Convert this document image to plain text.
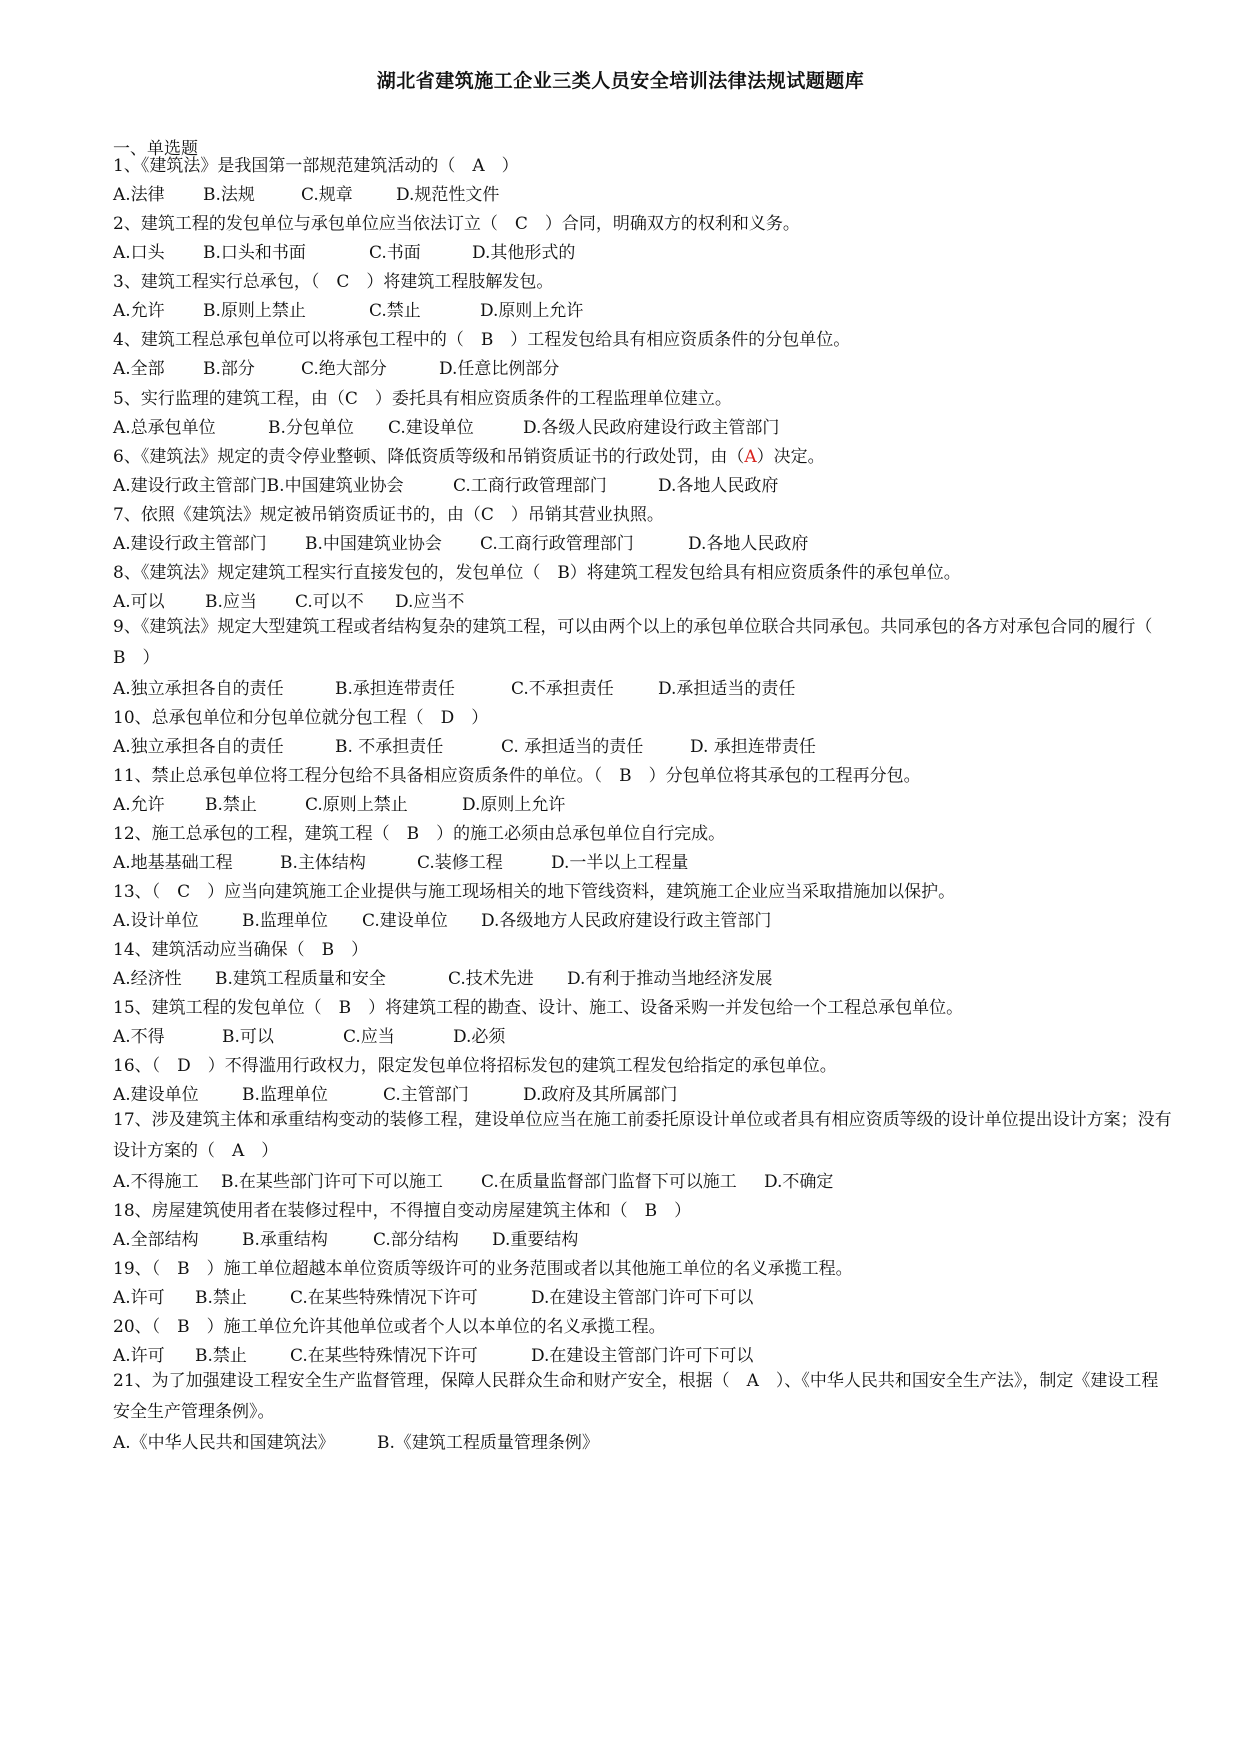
湖北省建筑施工企业三类人员安全培训法律法规试题题库
一、单选题
1、《建筑法》是我国第一部规范建筑活动的（　A　）
A.法律 B.法规	C.规章	D.规范性文件
2、建筑工程的发包单位与承包单位应当依法订立（　C　）合同，明确双方的权利和义务。
A.口头 B.口头和书面	C.书面	D.其他形式的
3、建筑工程实行总承包，（　C　）将建筑工程肢解发包。
A.允许 B.原则上禁止	C.禁止	D.原则上允许
4、建筑工程总承包单位可以将承包工程中的（　B　）工程发包给具有相应资质条件的分包单位。
A.全部 B.部分	C.绝大部分	D.任意比例部分
5、实行监理的建筑工程，由（C　）委托具有相应资质条件的工程监理单位建立。
A.总承包单位	B.分包单位 C.建设单位	D.各级人民政府建设行政主管部门
6、《建筑法》规定的责令停业整顿、降低资质等级和吊销资质证书的行政处罚，由（A）决定。
A.建设行政主管部门B.中国建筑业协会	C.工商行政管理部门	D.各地人民政府
7、依照《建筑法》规定被吊销资质证书的，由（C　）吊销其营业执照。
A.建设行政主管部门 B.中国建筑业协会 C.工商行政管理部门	D.各地人民政府
8、《建筑法》规定建筑工程实行直接发包的，发包单位（　B）将建筑工程发包给具有相应资质条件的承包单位。
A.可以 B.应当 C.可以不 D.应当不
9、《建筑法》规定大型建筑工程或者结构复杂的建筑工程，可以由两个以上的承包单位联合共同承包。共同承包的各方对承包合同的履行（　B　）
A.独立承担各自的责任	B.承担连带责任	C.不承担责任	D.承担适当的责任
10、总承包单位和分包单位就分包工程（　D　）
A.独立承担各自的责任	B. 不承担责任	C. 承担适当的责任	D. 承担连带责任
11、禁止总承包单位将工程分包给不具备相应资质条件的单位。（　B　）分包单位将其承包的工程再分包。
A.允许 B.禁止	C.原则上禁止	D.原则上允许
12、施工总承包的工程，建筑工程（　B　）的施工必须由总承包单位自行完成。
A.地基基础工程	B.主体结构	C.装修工程	D.一半以上工程量
13、（　C　）应当向建筑施工企业提供与施工现场相关的地下管线资料，建筑施工企业应当采取措施加以保护。
A.设计单位	B.监理单位 C.建设单位 D.各级地方人民政府建设行政主管部门
14、建筑活动应当确保（　B　）
A.经济性 B.建筑工程质量和安全	C.技术先进 D.有利于推动当地经济发展
15、建筑工程的发包单位（　B　）将建筑工程的勘查、设计、施工、设备采购一并发包给一个工程总承包单位。
A.不得	B.可以	C.应当	D.必须
16、（　D　）不得滥用行政权力，限定发包单位将招标发包的建筑工程发包给指定的承包单位。
A.建设单位	B.监理单位	C.主管部门	D.政府及其所属部门
17、涉及建筑主体和承重结构变动的装修工程，建设单位应当在施工前委托原设计单位或者具有相应资质等级的设计单位提出设计方案；没有设计方案的（　A　）
A.不得施工 B.在某些部门许可下可以施工 C.在质量监督部门监督下可以施工 D.不确定
18、房屋建筑使用者在装修过程中，不得擅自变动房屋建筑主体和（　B　）
A.全部结构	B.承重结构	C.部分结构 D.重要结构
19、（　B　）施工单位超越本单位资质等级许可的业务范围或者以其他施工单位的名义承揽工程。
A.许可 B.禁止	C.在某些特殊情况下许可	D.在建设主管部门许可下可以
20、（　B　）施工单位允许其他单位或者个人以本单位的名义承揽工程。
A.许可 B.禁止	C.在某些特殊情况下许可	D.在建设主管部门许可下可以
21、为了加强建设工程安全生产监督管理，保障人民群众生命和财产安全，根据（　A　）、《中华人民共和国安全生产法》，制定《建设工程安全生产管理条例》。
A.《中华人民共和国建筑法》 B.《建筑工程质量管理条例》
